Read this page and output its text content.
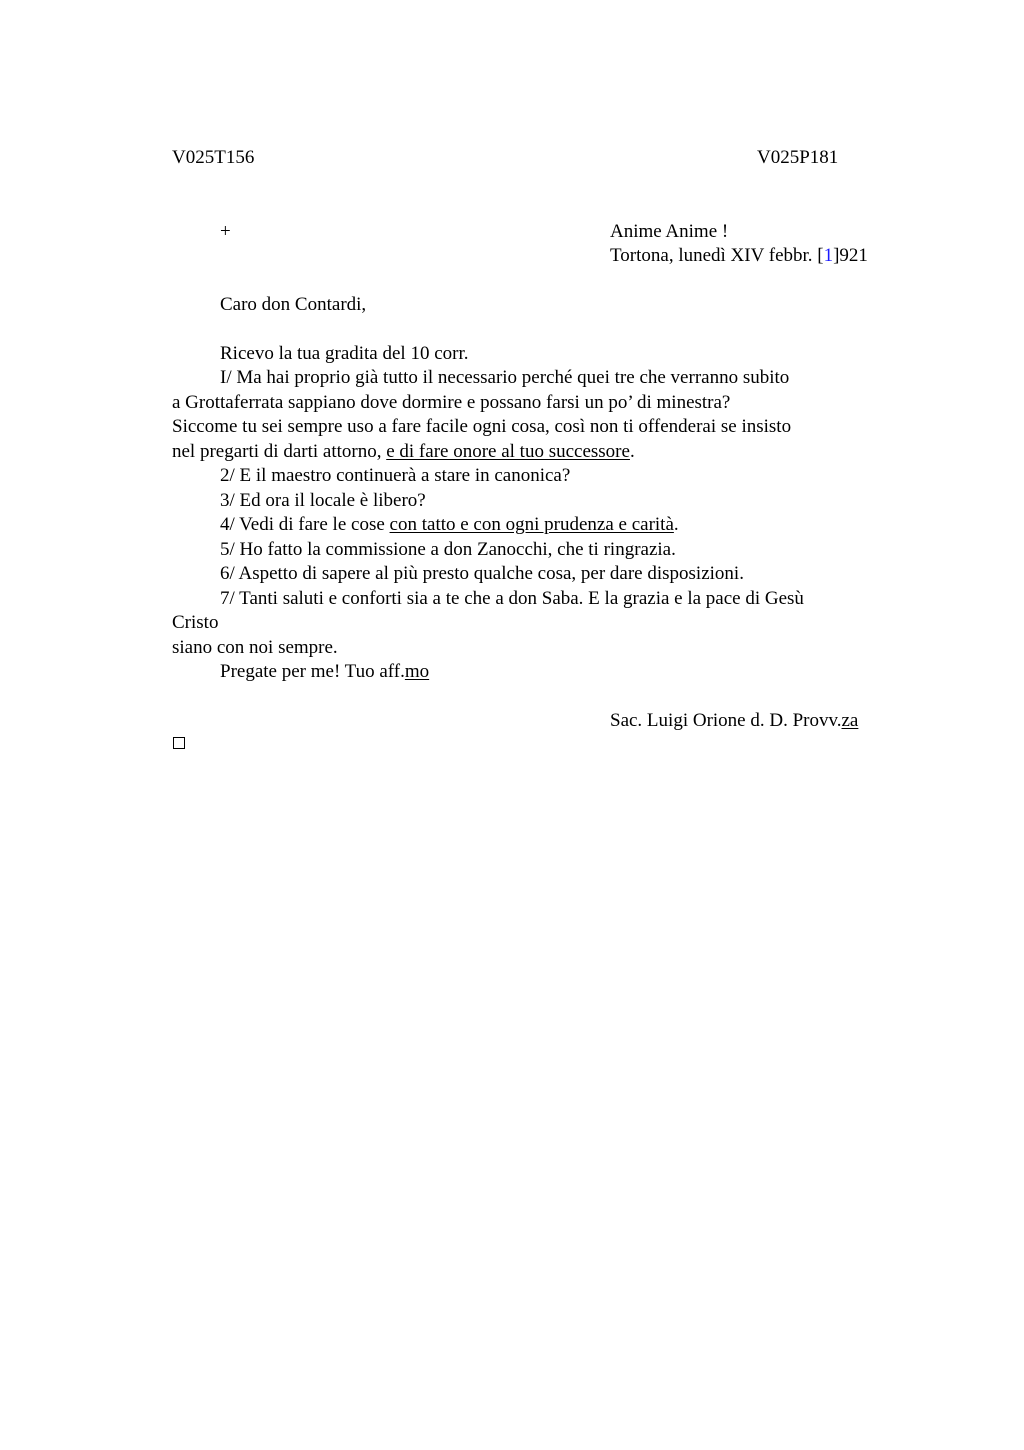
V025T156	V025P181
+	Anime Anime !
Tortona, lunedì XIV febbr. [1]921
Caro don Contardi,
Ricevo la tua gradita del 10 corr.
I/ Ma hai proprio già tutto il necessario perché quei tre che verranno subito
a Grottaferrata sappiano dove dormire e possano farsi un po’ di minestra?
Siccome tu sei sempre uso a fare facile ogni cosa, così non ti offenderai se insisto
nel pregarti di darti attorno, e di fare onore al tuo successore.
2/ E il maestro continuerà a stare in canonica?
3/ Ed ora il locale è libero?
4/ Vedi di fare le cose con tatto e con ogni prudenza e carità.
5/ Ho fatto la commissione a don Zanocchi, che ti ringrazia.
6/ Aspetto di sapere al più presto qualche cosa, per dare disposizioni.
7/ Tanti saluti e conforti sia a te che a don Saba. E la grazia e la pace di Gesù
Cristo
siano con noi sempre.
Pregate per me! Tuo aff.mo
Sac. Luigi Orione d. D. Provv.za
